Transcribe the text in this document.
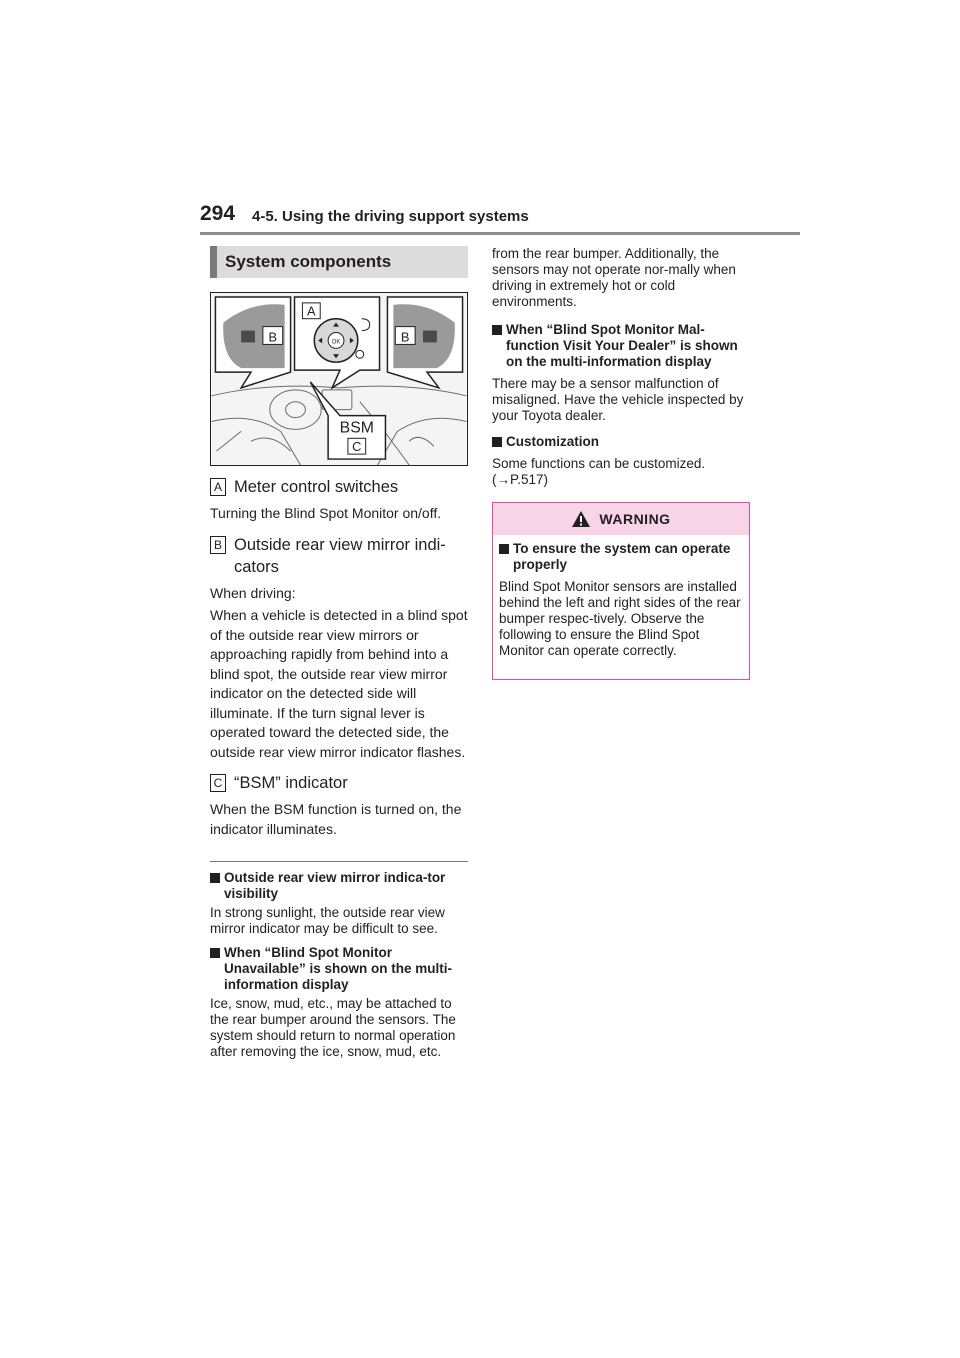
294 4-5. Using the driving support systems
System components
B	B
A
OK
BSM
C
A Meter control switches

Turning the Blind Spot Monitor on/off.

B Outside rear view mirror indi-cators

When driving:

When a vehicle is detected in a blind spot of the outside rear view mirrors or approaching rapidly from behind into a blind spot, the outside rear view mirror indicator on the detected side will illuminate. If the turn signal lever is operated toward the detected side, the outside rear view mirror indicator flashes.

C “BSM” indicator

When the BSM function is turned on, the indicator illuminates.

Outside rear view mirror indica-tor visibility
In strong sunlight, the outside rear view mirror indicator may be difficult to see.
When “Blind Spot Monitor Unavailable” is shown on the multi-information display
Ice, snow, mud, etc., may be attached to the rear bumper around the sensors. The system should return to normal operation after removing the ice, snow, mud, etc.
from the rear bumper. Additionally, the sensors may not operate nor-mally when driving in extremely hot or cold environments.
When “Blind Spot Monitor Mal-function Visit Your Dealer” is shown on the multi-information display
There may be a sensor malfunction of misaligned. Have the vehicle inspected by your Toyota dealer.
Customization
Some functions can be customized. (→P.517)
WARNING
To ensure the system can operate properly
Blind Spot Monitor sensors are installed behind the left and right sides of the rear bumper respec-tively. Observe the following to ensure the Blind Spot Monitor can operate correctly.
